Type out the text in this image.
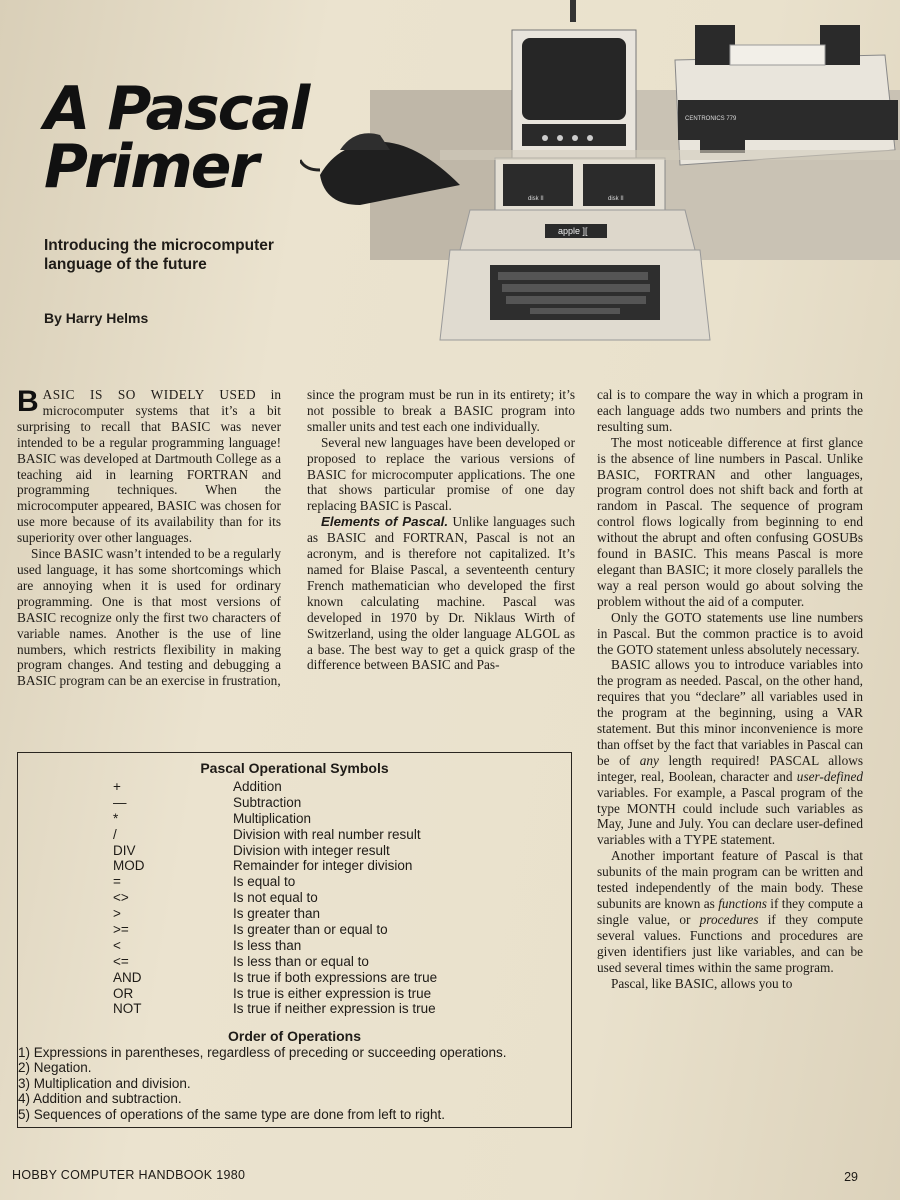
disk II	disk II
apple ][
CENTRONICS 779
A Pascal
Primer
Introducing the microcomputer language of the future
By Harry Helms

BASIC IS SO WIDELY USED in microcomputer systems that it’s a bit surprising to recall that BASIC was never intended to be a regular programming language! BASIC was developed at Dartmouth College as a teaching aid in learning FORTRAN and programming techniques. When the microcomputer appeared, BASIC was chosen for use more because of its availability than for its superiority over other languages.

Since BASIC wasn’t intended to be a regularly used language, it has some shortcomings which are annoying when it is used for ordinary programming. One is that most versions of BASIC recognize only the first two characters of variable names. Another is the use of line numbers, which restricts flexibility in making program changes. And testing and debugging a BASIC program can be an exercise in frustration,

since the program must be run in its entirety; it’s not possible to break a BASIC program into smaller units and test each one individually.

Several new languages have been developed or proposed to replace the various versions of BASIC for microcomputer applications. The one that shows particular promise of one day replacing BASIC is Pascal.

Elements of Pascal. Unlike languages such as BASIC and FORTRAN, Pascal is not an acronym, and is therefore not capitalized. It’s named for Blaise Pascal, a seventeenth century French mathematician who developed the first known calculating machine. Pascal was developed in 1970 by Dr. Niklaus Wirth of Switzerland, using the older language ALGOL as a base. The best way to get a quick grasp of the difference between BASIC and Pas-

cal is to compare the way in which a program in each language adds two numbers and prints the resulting sum.

The most noticeable difference at first glance is the absence of line numbers in Pascal. Unlike BASIC, FORTRAN and other languages, program control does not shift back and forth at random in Pascal. The sequence of program control flows logically from beginning to end without the abrupt and often confusing GOSUBs found in BASIC. This means Pascal is more elegant than BASIC; it more closely parallels the way a real person would go about solving the problem without the aid of a computer.

Only the GOTO statements use line numbers in Pascal. But the common practice is to avoid the GOTO statement unless absolutely necessary.

BASIC allows you to introduce variables into the program as needed. Pascal, on the other hand, requires that you “declare” all variables used in the program at the beginning, using a VAR statement. But this minor inconvenience is more than offset by the fact that variables in Pascal can be of any length required! PASCAL allows integer, real, Boolean, character and user-defined variables. For example, a Pascal program of the type MONTH could include such variables as May, June and July. You can declare user-defined variables with a TYPE statement.

Another important feature of Pascal is that subunits of the main program can be written and tested independently of the main body. These subunits are known as functions if they compute a single value, or procedures if they compute several values. Functions and procedures are given identifiers just like variables, and can be used several times within the same program.

Pascal, like BASIC, allows you to

Pascal Operational Symbols
+	Addition
—	Subtraction
*	Multiplication
/	Division with real number result
DIV	Division with integer result
MOD	Remainder for integer division
=	Is equal to
<>	Is not equal to
>	Is greater than
>=	Is greater than or equal to
<	Is less than
<=	Is less than or equal to
AND	Is true if both expressions are true
OR	Is true is either expression is true
NOT	Is true if neither expression is true
Order of Operations
1) Expressions in parentheses, regardless of preceding or succeeding operations.
2) Negation.
3) Multiplication and division.
4) Addition and subtraction.
5) Sequences of operations of the same type are done from left to right.
HOBBY COMPUTER HANDBOOK 1980	29
